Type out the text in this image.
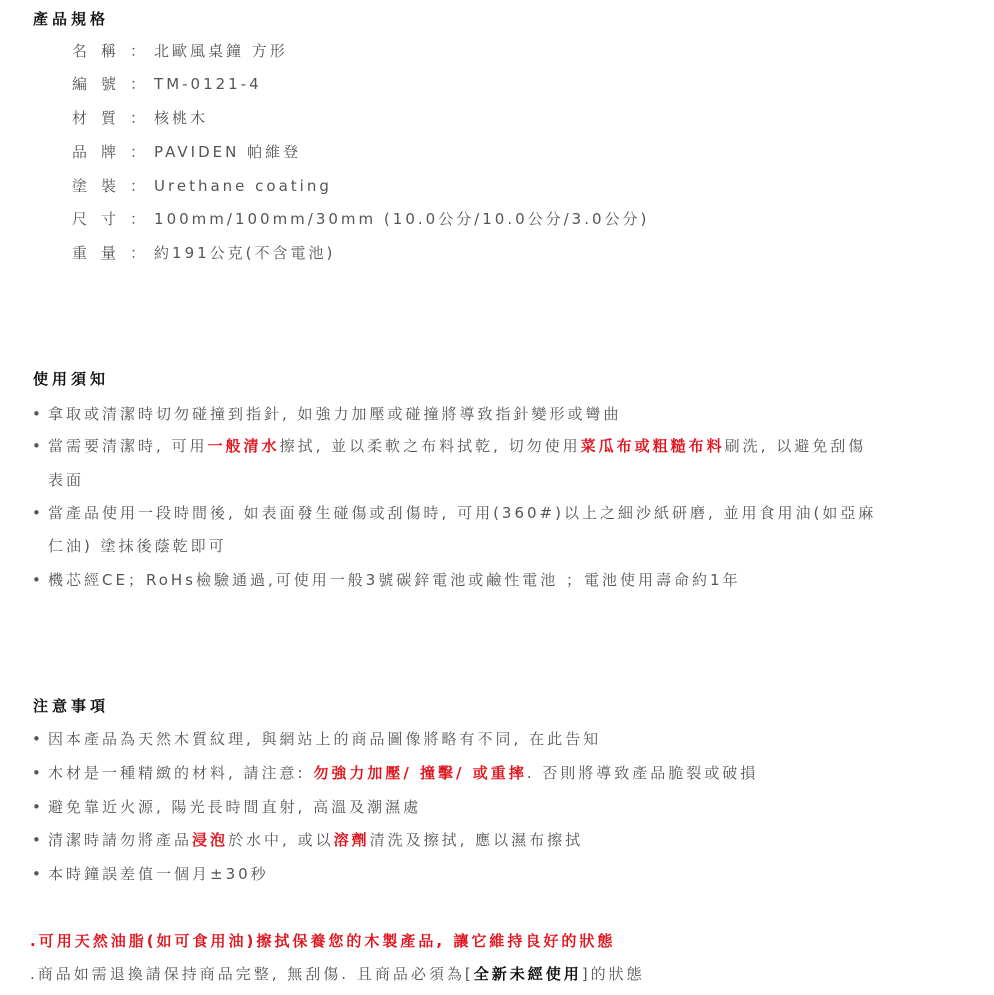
產品規格
名稱： 北歐風桌鐘 方形
編號： TM-0121-4
材質： 核桃木
品牌： PAVIDEN 帕維登
塗裝： Urethane coating
尺寸： 100mm/100mm/30mm (10.0公分/10.0公分/3.0公分)
重量： 約191公克(不含電池)
使用須知
• 拿取或清潔時切勿碰撞到指針, 如強力加壓或碰撞將導致指針變形或彎曲
• 當需要清潔時, 可用一般清水擦拭, 並以柔軟之布料拭乾, 切勿使用菜瓜布或粗糙布料刷洗, 以避免刮傷
表面
• 當產品使用一段時間後, 如表面發生碰傷或刮傷時, 可用(360#)以上之細沙紙研磨, 並用食用油(如亞麻
仁油) 塗抹後蔭乾即可
• 機芯經CE；RoHs檢驗通過,可使用一般3號碳鋅電池或鹼性電池 ；電池使用壽命約1年
注意事項
• 因本產品為天然木質紋理, 與網站上的商品圖像將略有不同, 在此告知
• 木材是一種精緻的材料, 請注意: 勿強力加壓/ 撞擊/ 或重摔. 否則將導致產品脆裂或破損
• 避免靠近火源, 陽光長時間直射, 高溫及潮濕處
• 清潔時請勿將產品浸泡於水中, 或以溶劑清洗及擦拭, 應以濕布擦拭
• 本時鐘誤差值一個月±30秒
.可用天然油脂(如可食用油)擦拭保養您的木製產品, 讓它維持良好的狀態
.商品如需退換請保持商品完整, 無刮傷. 且商品必須為[全新未經使用]的狀態
